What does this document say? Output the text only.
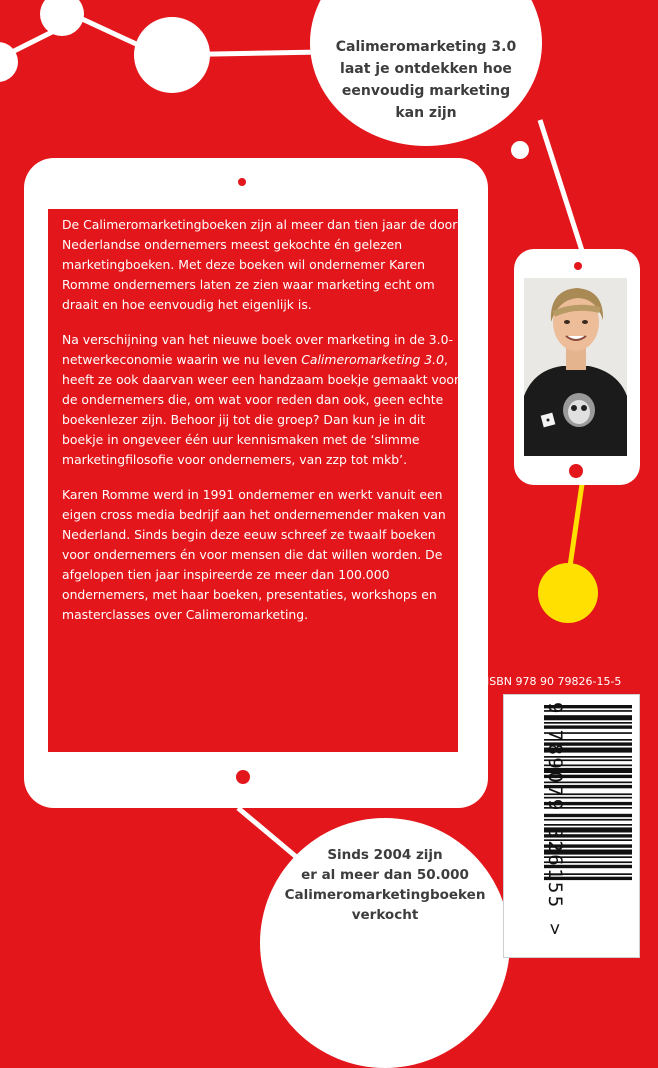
Calimeromarketing 3.0
laat je ontdekken hoe
eenvoudig marketing
kan zijn

De Calimeromarketingboeken zijn al meer dan tien jaar de door Nederlandse ondernemers meest gekochte én gelezen marketingboeken. Met deze boeken wil ondernemer Karen Romme ondernemers laten ze zien waar marketing echt om draait en hoe eenvoudig het eigenlijk is.

Na verschijning van het nieuwe boek over marketing in de 3.0-netwerkeconomie waarin we nu leven Calimeromarketing 3.0, heeft ze ook daarvan weer een handzaam boekje gemaakt voor de ondernemers die, om wat voor reden dan ook, geen echte boekenlezer zijn. Behoor jij tot die groep? Dan kun je in dit boekje in ongeveer één uur kennismaken met de ‘slimme marketingfilosofie voor ondernemers, van zzp tot mkb’.

Karen Romme werd in 1991 ondernemer en werkt vanuit een eigen cross media bedrijf aan het ondernemender maken van Nederland. Sinds begin deze eeuw schreef ze twaalf boeken voor ondernemers én voor mensen die dat willen worden. De afgelopen tien jaar inspireerde ze meer dan 100.000 ondernemers, met haar boeken, presentaties, workshops en masterclasses over Calimeromarketing.

Sinds 2004 zijn
er al meer dan 50.000
Calimeromarketingboeken
verkocht
ISBN 978 90 79826-15-5
9 789079 826155 >
